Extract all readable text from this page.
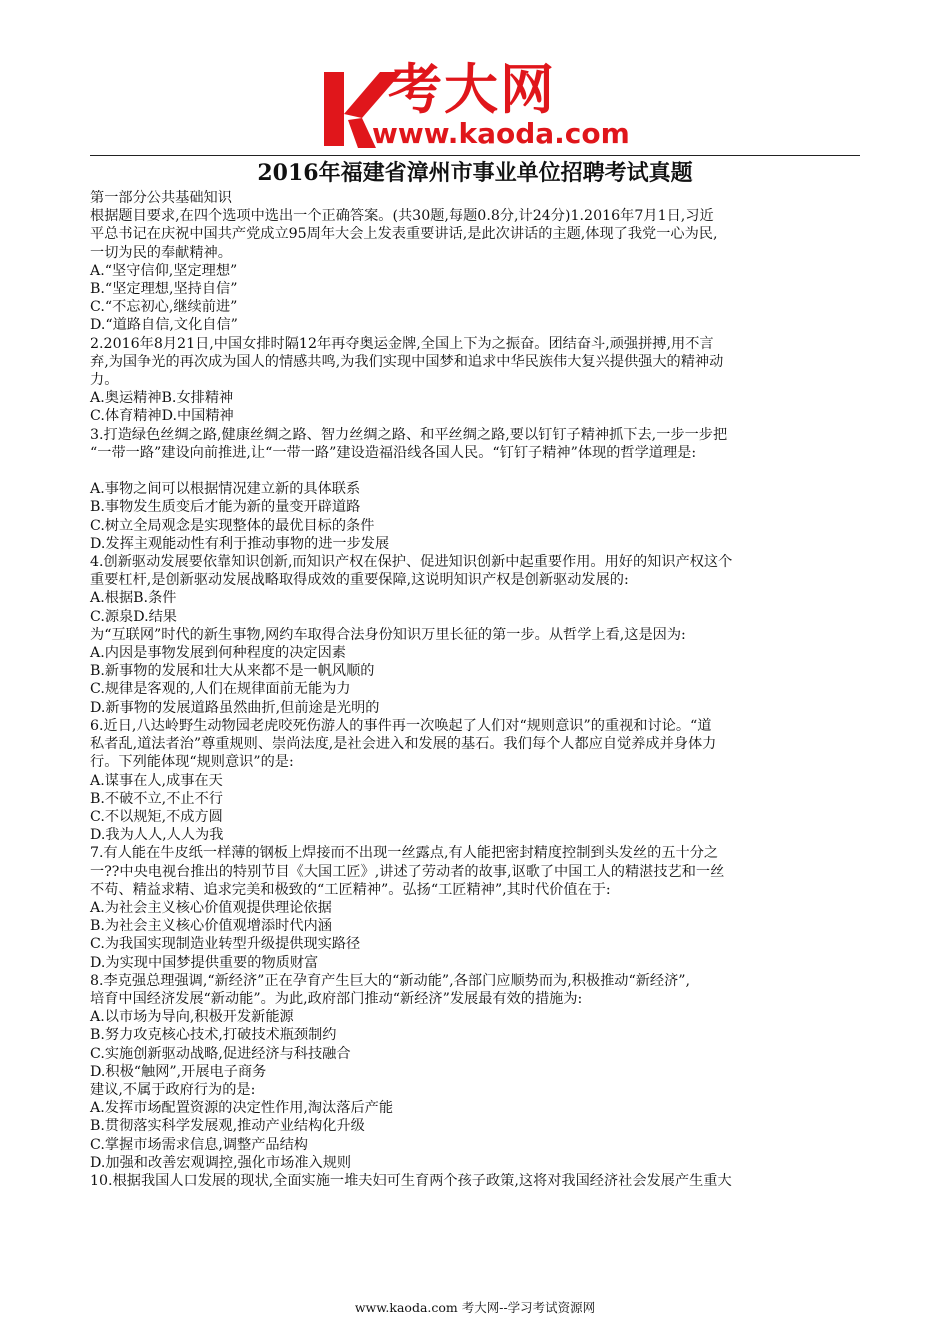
考大网
www.kaoda.com
2016年福建省漳州市事业单位招聘考试真题

第一部分公共基础知识

根据题目要求,在四个选项中选出一个正确答案。(共30题,每题0.8分,计24分)1.2016年7月1日,习近

平总书记在庆祝中国共产党成立95周年大会上发表重要讲话,是此次讲话的主题,体现了我党一心为民,

一切为民的奉献精神。

A.“坚守信仰,坚定理想”

B.“坚定理想,坚持自信”

C.“不忘初心,继续前进”

D.“道路自信,文化自信”

2.2016年8月21日,中国女排时隔12年再夺奥运金牌,全国上下为之振奋。团结奋斗,顽强拼搏,用不言

弃,为国争光的再次成为国人的情感共鸣,为我们实现中国梦和追求中华民族伟大复兴提供强大的精神动

力。

A.奥运精神B.女排精神

C.体育精神D.中国精神

3.打造绿色丝绸之路,健康丝绸之路、智力丝绸之路、和平丝绸之路,要以钉钉子精神抓下去,一步一步把

“一带一路”建设向前推进,让“一带一路”建设造福沿线各国人民。“钉钉子精神”体现的哲学道理是:

A.事物之间可以根据情况建立新的具体联系

B.事物发生质变后才能为新的量变开辟道路

C.树立全局观念是实现整体的最优目标的条件

D.发挥主观能动性有利于推动事物的进一步发展

4.创新驱动发展要依靠知识创新,而知识产权在保护、促进知识创新中起重要作用。用好的知识产权这个

重要杠杆,是创新驱动发展战略取得成效的重要保障,这说明知识产权是创新驱动发展的:

A.根据B.条件

C.源泉D.结果

为“互联网”时代的新生事物,网约车取得合法身份知识万里长征的第一步。从哲学上看,这是因为:

A.内因是事物发展到何种程度的决定因素

B.新事物的发展和壮大从来都不是一帆风顺的

C.规律是客观的,人们在规律面前无能为力

D.新事物的发展道路虽然曲折,但前途是光明的

6.近日,八达岭野生动物园老虎咬死伤游人的事件再一次唤起了人们对“规则意识”的重视和讨论。“道

私者乱,道法者治”尊重规则、崇尚法度,是社会进入和发展的基石。我们每个人都应自觉养成并身体力

行。下列能体现“规则意识”的是:

A.谋事在人,成事在天

B.不破不立,不止不行

C.不以规矩,不成方圆

D.我为人人,人人为我

7.有人能在牛皮纸一样薄的钢板上焊接而不出现一丝露点,有人能把密封精度控制到头发丝的五十分之

一??中央电视台推出的特别节目《大国工匠》,讲述了劳动者的故事,讴歌了中国工人的精湛技艺和一丝

不苟、精益求精、追求完美和极致的“工匠精神”。弘扬“工匠精神”,其时代价值在于:

A.为社会主义核心价值观提供理论依据

B.为社会主义核心价值观增添时代内涵

C.为我国实现制造业转型升级提供现实路径

D.为实现中国梦提供重要的物质财富

8.李克强总理强调,“新经济”正在孕育产生巨大的“新动能”,各部门应顺势而为,积极推动“新经济”,

培育中国经济发展“新动能”。为此,政府部门推动“新经济”发展最有效的措施为:

A.以市场为导向,积极开发新能源

B.努力攻克核心技术,打破技术瓶颈制约

C.实施创新驱动战略,促进经济与科技融合

D.积极“触网”,开展电子商务

建议,不属于政府行为的是:

A.发挥市场配置资源的决定性作用,淘汰落后产能

B.贯彻落实科学发展观,推动产业结构化升级

C.掌握市场需求信息,调整产品结构

D.加强和改善宏观调控,强化市场准入规则

10.根据我国人口发展的现状,全面实施一堆夫妇可生育两个孩子政策,这将对我国经济社会发展产生重大

www.kaoda.com 考大网--学习考试资源网
